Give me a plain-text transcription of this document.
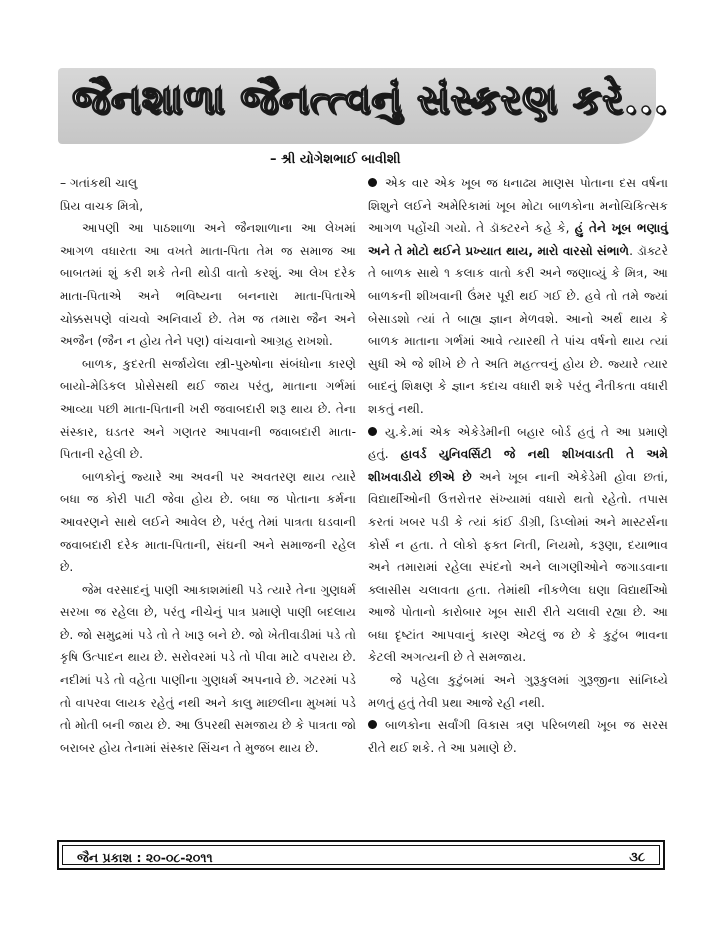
જૈનશાળા જૈનત્ત્વનું સંસ્કરણ કરે...
– શ્રી યોગેશભાઈ બાવીશી

– ગતાંકથી ચાલુ

પ્રિય વાચક મિત્રો,

આપણી આ પાઠશાળા અને જૈનશાળાના આ લેખમાં આગળ વધારતા આ વખતે માતા-પિતા તેમ જ સમાજ આ બાબતમાં શું કરી શકે તેની થોડી વાતો કરશું. આ લેખ દરેક માતા-પિતાએ અને ભવિષ્યના બનનારા માતા-પિતાએ ચોક્કસપણે વાંચવો અનિવાર્ય છે. તેમ જ તમારા જૈન અને અજૈન (જૈન ન હોય તેને પણ) વાંચવાનો આગ્રહ રાખશો.

બાળક, કુદરતી સર્જાયેલા સ્ત્રી-પુરુષોના સંબંધોના કારણે બાયો-મેડિકલ પ્રોસેસથી થઈ જાય પરંતુ, માતાના ગર્ભમાં આવ્યા પછી માતા-પિતાની ખરી જવાબદારી શરૂ થાય છે. તેના સંસ્કાર, ઘડતર અને ગણતર આપવાની જવાબદારી માતા-પિતાની રહેલી છે.

બાળકોનું જ્યારે આ અવની પર અવતરણ થાય ત્યારે બધા જ કોરી પાટી જેવા હોય છે. બધા જ પોતાના કર્મના આવરણને સાથે લઈને આવેલ છે, પરંતુ તેમાં પાત્રતા ઘડવાની જવાબદારી દરેક માતા-પિતાની, સંઘની અને સમાજની રહેલ છે.

જેમ વરસાદનું પાણી આકાશમાંથી પડે ત્યારે તેના ગુણધર્મ સરખા જ રહેલા છે, પરંતુ નીચેનું પાત્ર પ્રમાણે પાણી બદલાય છે. જો સમુદ્રમાં પડે તો તે ખારૂ બને છે. જો ખેતીવાડીમાં પડે તો કૃષિ ઉત્પાદન થાય છે. સરોવરમાં પડે તો પીવા માટે વપરાય છે. નદીમાં પડે તો વહેતા પાણીના ગુણધર્મ અપનાવે છે. ગટરમાં પડે તો વાપરવા લાયક રહેતું નથી અને કાલુ માછલીના મુખમાં પડે તો મોતી બની જાય છે. આ ઉપરથી સમજાય છે કે પાત્રતા જો બરાબર હોય તેનામાં સંસ્કાર સિંચન તે મુજબ થાય છે.

એક વાર એક ખૂબ જ ધનાઢ્ય માણસ પોતાના દસ વર્ષના શિશુને લઈને અમેરિકામાં ખૂબ મોટા બાળકોના મનોચિકિત્સક આગળ પહોંચી ગયો. તે ડૉક્ટરને કહે કે, હું તેને ખૂબ ભણાવું અને તે મોટો થઈને પ્રખ્યાત થાય, મારો વારસો સંભાળે. ડૉક્ટરે તે બાળક સાથે ૧ કલાક વાતો કરી અને જણાવ્યું કે મિત્ર, આ બાળકની શીખવાની ઉંમર પૂરી થઈ ગઈ છે. હવે તો તમે જ્યાં બેસાડશો ત્યાં તે બાહ્ય જ્ઞાન મેળવશે. આનો અર્થ થાય કે બાળક માતાના ગર્ભમાં આવે ત્યારથી તે પાંચ વર્ષનો થાય ત્યાં સુધી એ જે શીખે છે તે અતિ મહત્ત્વનું હોય છે. જ્યારે ત્યાર બાદનું શિક્ષણ કે જ્ઞાન કદાચ વધારી શકે પરંતુ નૈતીકતા વધારી શકતું નથી.

યુ.કે.માં એક એકેડેમીની બહાર બોર્ડ હતું તે આ પ્રમાણે હતું. હાવર્ડ યુનિવર્સિટી જે નથી શીખવાડતી તે અમે શીખવાડીયે છીએ છે અને ખૂબ નાની એકેડેમી હોવા છતાં, વિદ્યાર્થીઓની ઉત્તરોત્તર સંખ્યામાં વધારો થતો રહેતો. તપાસ કરતાં ખબર પડી કે ત્યાં કાંઈ ડીગ્રી, ડિપ્લોમાં અને માસ્ટર્સના કોર્સ ન હતા. તે લોકો ફક્ત નિતી, નિયમો, કરૂણા, દયાભાવ અને તમારામાં રહેલા સ્પંદનો અને લાગણીઓને જગાડવાના ક્લાસીસ ચલાવતા હતા. તેમાંથી નીકળેલા ઘણા વિદ્યાર્થીઓ આજે પોતાનો કારોબાર ખૂબ સારી રીતે ચલાવી રહ્યા છે. આ બધા દૃષ્ટાંત આપવાનું કારણ એટલું જ છે કે કુટુંબ ભાવના કેટલી અગત્યની છે તે સમજાય.

જે પહેલા કુટુંબમાં અને ગુરૂકુલમાં ગુરૂજીના સાંનિધ્યે મળતું હતું તેવી પ્રથા આજે રહી નથી.

બાળકોના સર્વાંગી વિકાસ ત્રણ પરિબળથી ખૂબ જ સરસ રીતે થઈ શકે. તે આ પ્રમાણે છે.

જૈન પ્રકાશ : ૨૦-૦૮-૨૦૧૧	૩૮
